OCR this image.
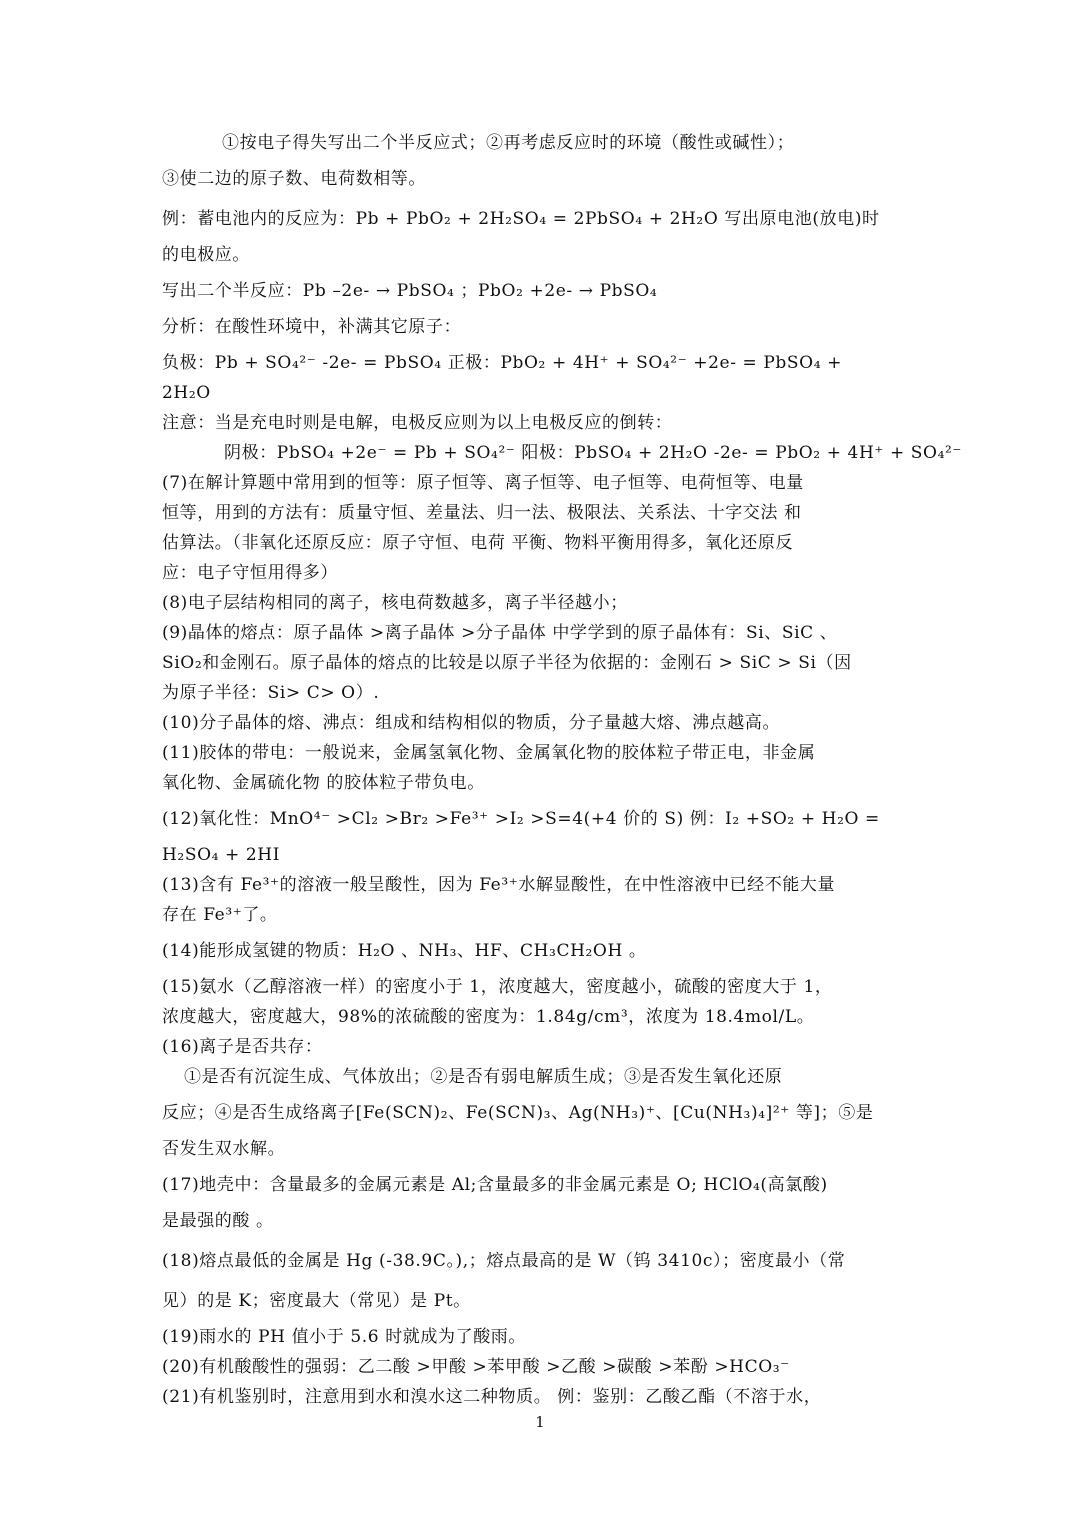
①按电子得失写出二个半反应式；②再考虑反应时的环境（酸性或碱性）；
③使二边的原子数、电荷数相等。
例：蓄电池内的反应为：Pb + PbO₂ + 2H₂SO₄ = 2PbSO₄ + 2H₂O 写出原电池(放电)时
的电极应。
写出二个半反应：Pb –2e- → PbSO₄ ；PbO₂ +2e- → PbSO₄
分析：在酸性环境中，补满其它原子：
负极：Pb + SO₄²⁻ -2e- = PbSO₄ 正极：PbO₂ + 4H⁺ + SO₄²⁻ +2e- = PbSO₄ +
2H₂O
注意：当是充电时则是电解，电极反应则为以上电极反应的倒转：
阴极：PbSO₄ +2e⁻ = Pb + SO₄²⁻ 阳极：PbSO₄ + 2H₂O -2e- = PbO₂ + 4H⁺ + SO₄²⁻
(7)在解计算题中常用到的恒等：原子恒等、离子恒等、电子恒等、电荷恒等、电量
恒等，用到的方法有：质量守恒、差量法、归一法、极限法、关系法、十字交法 和
估算法。（非氧化还原反应：原子守恒、电荷 平衡、物料平衡用得多，氧化还原反
应：电子守恒用得多）
(8)电子层结构相同的离子，核电荷数越多，离子半径越小；
(9)晶体的熔点：原子晶体 >离子晶体 >分子晶体 中学学到的原子晶体有：Si、SiC 、
SiO₂和金刚石。原子晶体的熔点的比较是以原子半径为依据的：金刚石 > SiC > Si（因
为原子半径：Si> C> O）.
(10)分子晶体的熔、沸点：组成和结构相似的物质，分子量越大熔、沸点越高。
(11)胶体的带电：一般说来，金属氢氧化物、金属氧化物的胶体粒子带正电，非金属
氧化物、金属硫化物 的胶体粒子带负电。
(12)氧化性：MnO⁴⁻ >Cl₂ >Br₂ >Fe³⁺ >I₂ >S=4(+4 价的 S) 例：I₂ +SO₂ + H₂O =
H₂SO₄ + 2HI
(13)含有 Fe³⁺的溶液一般呈酸性，因为 Fe³⁺水解显酸性，在中性溶液中已经不能大量
存在 Fe³⁺了。
(14)能形成氢键的物质：H₂O 、NH₃、HF、CH₃CH₂OH 。
(15)氨水（乙醇溶液一样）的密度小于 1，浓度越大，密度越小，硫酸的密度大于 1，
浓度越大，密度越大，98%的浓硫酸的密度为：1.84g/cm³，浓度为 18.4mol/L。
(16)离子是否共存：
①是否有沉淀生成、气体放出；②是否有弱电解质生成；③是否发生氧化还原
反应；④是否生成络离子[Fe(SCN)₂、Fe(SCN)₃、Ag(NH₃)⁺、[Cu(NH₃)₄]²⁺ 等]；⑤是
否发生双水解。
(17)地壳中：含量最多的金属元素是 Al;含量最多的非金属元素是 O; HClO₄(高氯酸)
是最强的酸 。
(18)熔点最低的金属是 Hg (-38.9C。),；熔点最高的是 W（钨 3410c）；密度最小（常
见）的是 K；密度最大（常见）是 Pt。
(19)雨水的 PH 值小于 5.6 时就成为了酸雨。
(20)有机酸酸性的强弱：乙二酸 >甲酸 >苯甲酸 >乙酸 >碳酸 >苯酚 >HCO₃⁻
(21)有机鉴别时，注意用到水和溴水这二种物质。 例：鉴别：乙酸乙酯（不溶于水，
1
